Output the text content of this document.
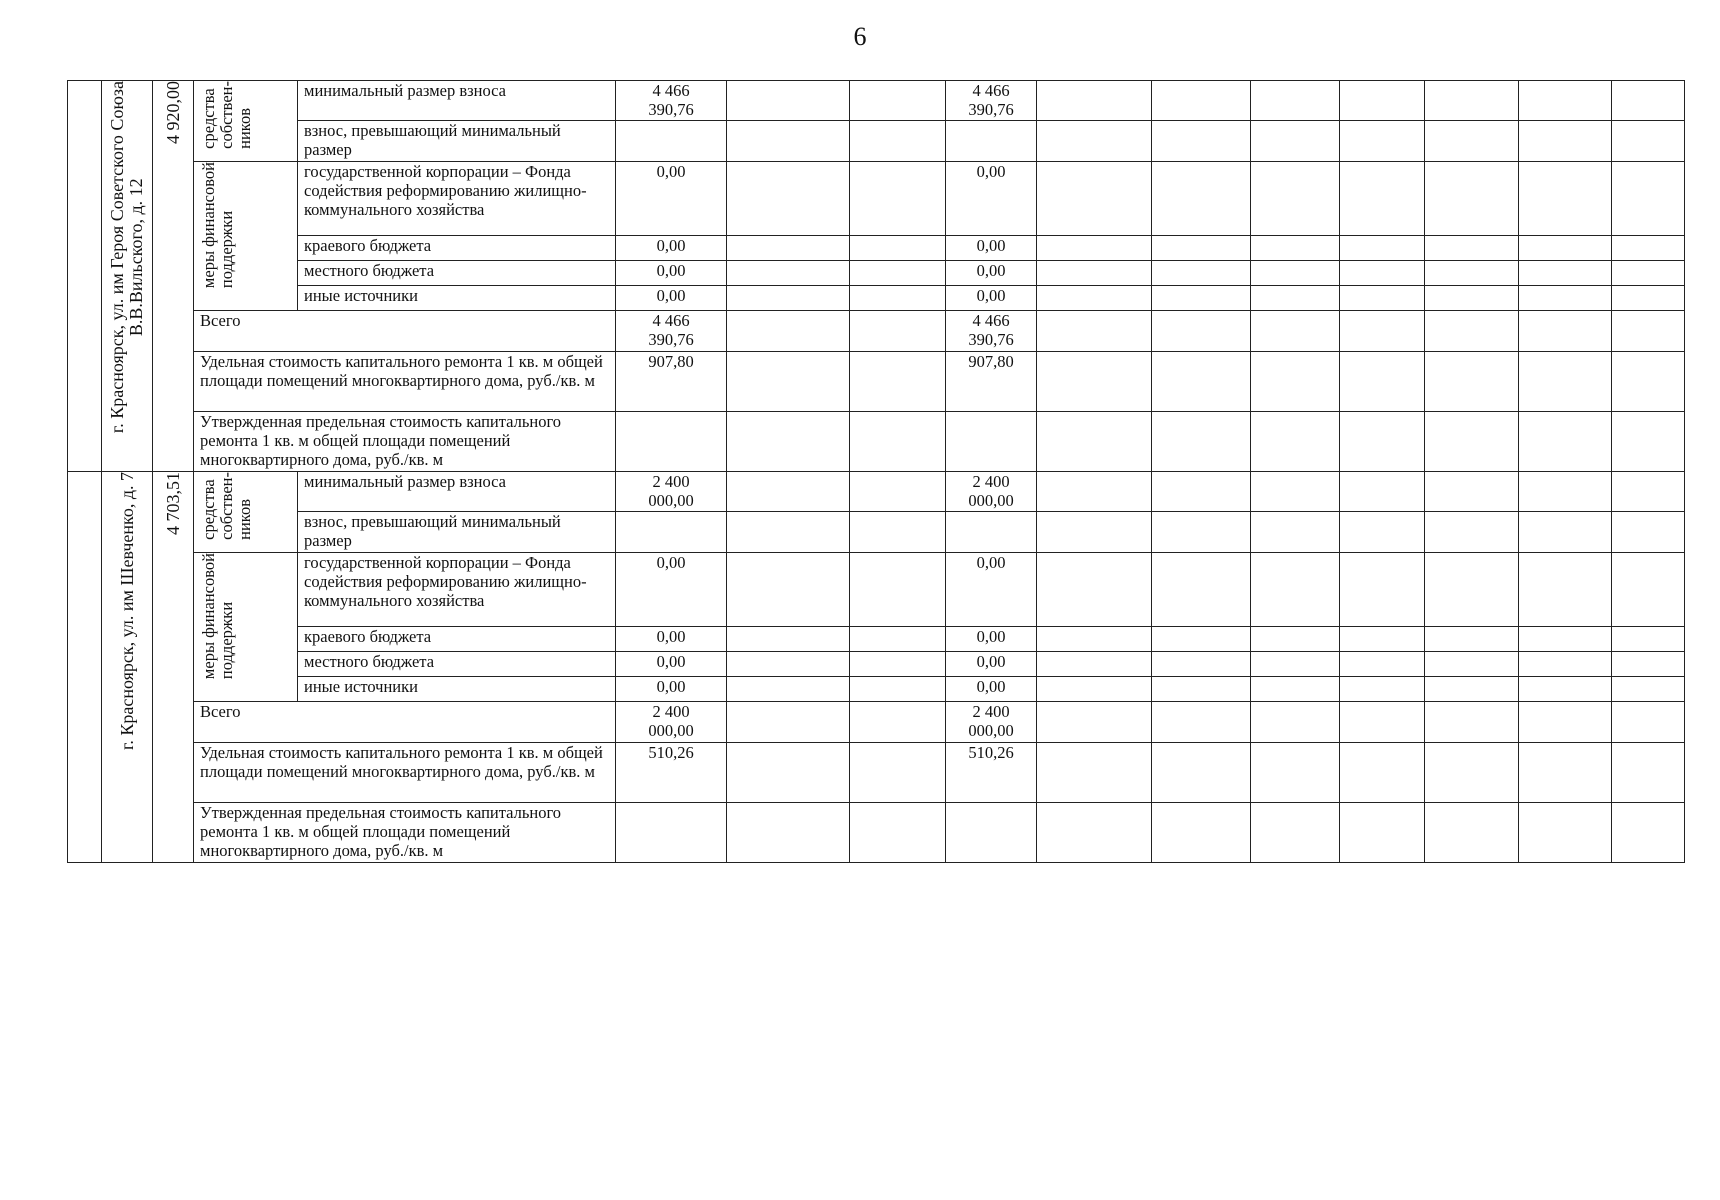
6
	г. Красноярск, ул. им Героя Советского Союза
В.В.Вильского, д. 12	4 920,00	средства
собствен-
ников	минимальный размер взноса	4 466
390,76			4 466
390,76							
				взнос, превышающий минимальный размер											
			меры финансовой
поддержки	государственной корпорации – Фонда содействия реформированию жилищно-коммунального хозяйства	0,00			0,00							
				краевого бюджета	0,00			0,00							
				местного бюджета	0,00			0,00							
				иные источники	0,00			0,00							
			Всего		4 466
390,76			4 466
390,76							
			Удельная стоимость капитального ремонта 1 кв. м общей площади помещений многоквартирного дома, руб./кв. м		907,80			907,80							
			Утвержденная предельная стоимость капитального ремонта 1 кв. м общей площади помещений многоквартирного дома, руб./кв. м												
	г. Красноярск, ул. им Шевченко, д. 7	4 703,51	средства
собствен-
ников	минимальный размер взноса	2 400
000,00			2 400
000,00							
				взнос, превышающий минимальный размер											
			меры финансовой
поддержки	государственной корпорации – Фонда содействия реформированию жилищно-коммунального хозяйства	0,00			0,00							
				краевого бюджета	0,00			0,00							
				местного бюджета	0,00			0,00							
				иные источники	0,00			0,00							
			Всего		2 400
000,00			2 400
000,00							
			Удельная стоимость капитального ремонта 1 кв. м общей площади помещений многоквартирного дома, руб./кв. м		510,26			510,26							
			Утвержденная предельная стоимость капитального ремонта 1 кв. м общей площади помещений многоквартирного дома, руб./кв. м												
